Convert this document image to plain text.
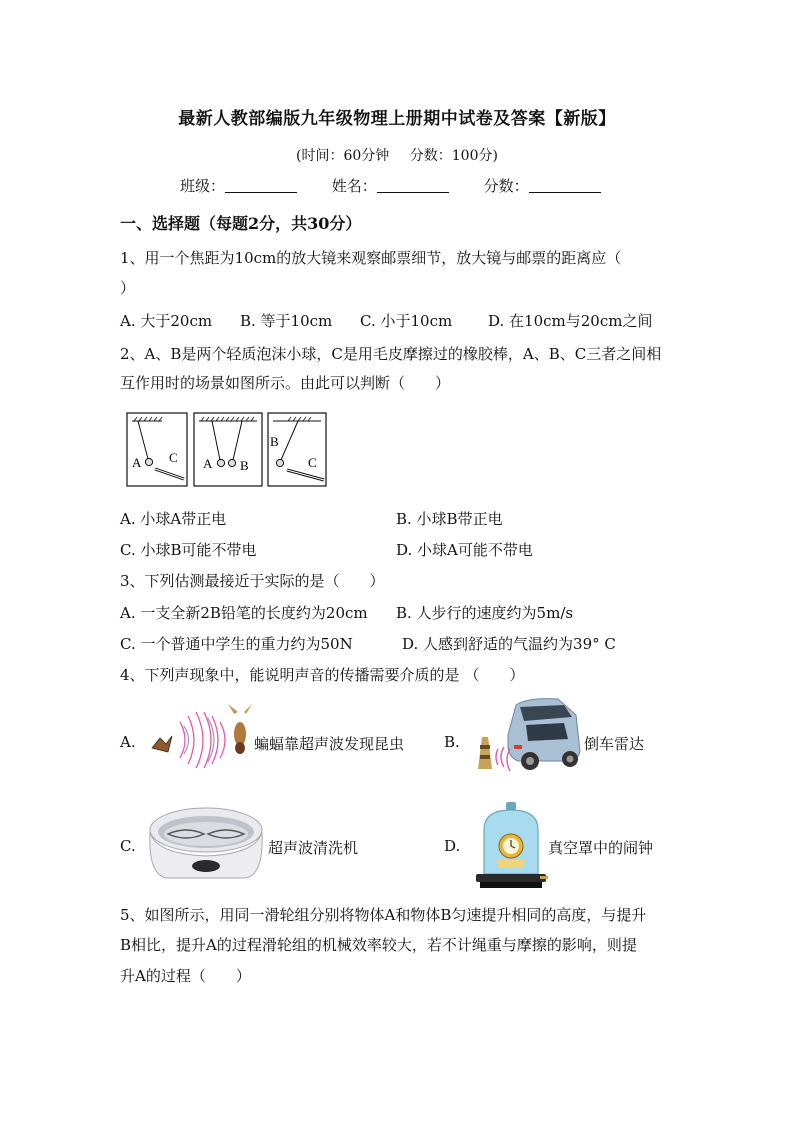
最新人教部编版九年级物理上册期中试卷及答案【新版】
(时间：60分钟 分数：100分)
班级：	姓名：	分数：
一、选择题（每题2分，共30分）
1、用一个焦距为10cm的放大镜来观察邮票细节，放大镜与邮票的距离应（
）
A. 大于20cm B. 等于10cm C. 小于10cm D. 在10cm与20cm之间
2、A、B是两个轻质泡沫小球，C是用毛皮摩擦过的橡胶棒，A、B、C三者之间相
互作用时的场景如图所示。由此可以判断（　　）
A C A B
B
C
A. 小球A带正电	B. 小球B带正电
C. 小球B可能不带电	D. 小球A可能不带电
3、下列估测最接近于实际的是（　　）
A. 一支全新2B铅笔的长度约为20cm B. 人步行的速度约为5m/s
C. 一个普通中学生的重力约为50N	D. 人感到舒适的气温约为39° C
4、下列声现象中，能说明声音的传播需要介质的是 （　　）
A.	蝙蝠靠超声波发现昆虫	B.	倒车雷达
C.	超声波清洗机	D.	真空罩中的闹钟
5、如图所示，用同一滑轮组分别将物体A和物体B匀速提升相同的高度，与提升
B相比，提升A的过程滑轮组的机械效率较大，若不计绳重与摩擦的影响，则提
升A的过程（　　）
